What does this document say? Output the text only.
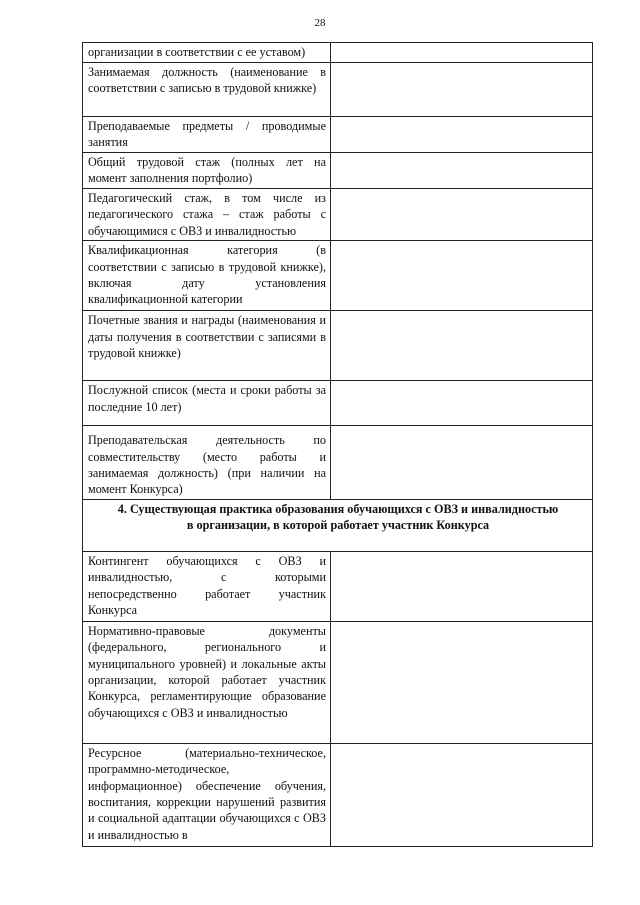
28
организации в соответствии с ее уставом)	
Занимаемая должность (наименование в соответствии с записью в трудовой книжке)	
Преподаваемые предметы / проводимые занятия	
Общий трудовой стаж (полных лет на момент заполнения портфолио)	
Педагогический стаж, в том числе из педагогического стажа – стаж работы с обучающимися с ОВЗ и инвалидностью	
Квалификационная категория (в соответствии с записью в трудовой книжке), включая дату установления квалификационной категории	
Почетные звания и награды (наименования и даты получения в соответствии с записями в трудовой книжке)	
Послужной список (места и сроки работы за последние 10 лет)	
Преподавательская деятельность по совместительству (место работы и занимаемая должность) (при наличии на момент Конкурса)	

4. Существующая практика образования обучающихся с ОВЗ и инвалидностью
в организации, в которой работает участник Конкурса	

Контингент обучающихся с ОВЗ и инвалидностью, с которыми непосредственно работает участник Конкурса	
Нормативно-правовые документы (федерального, регионального и муниципального уровней) и локальные акты организации, которой работает участник Конкурса, регламентирующие образование обучающихся с ОВЗ и инвалидностью	
Ресурсное (материально-техническое, программно-методическое, информационное) обеспечение обучения, воспитания, коррекции нарушений развития и социальной адаптации обучающихся с ОВЗ и инвалидностью в	
